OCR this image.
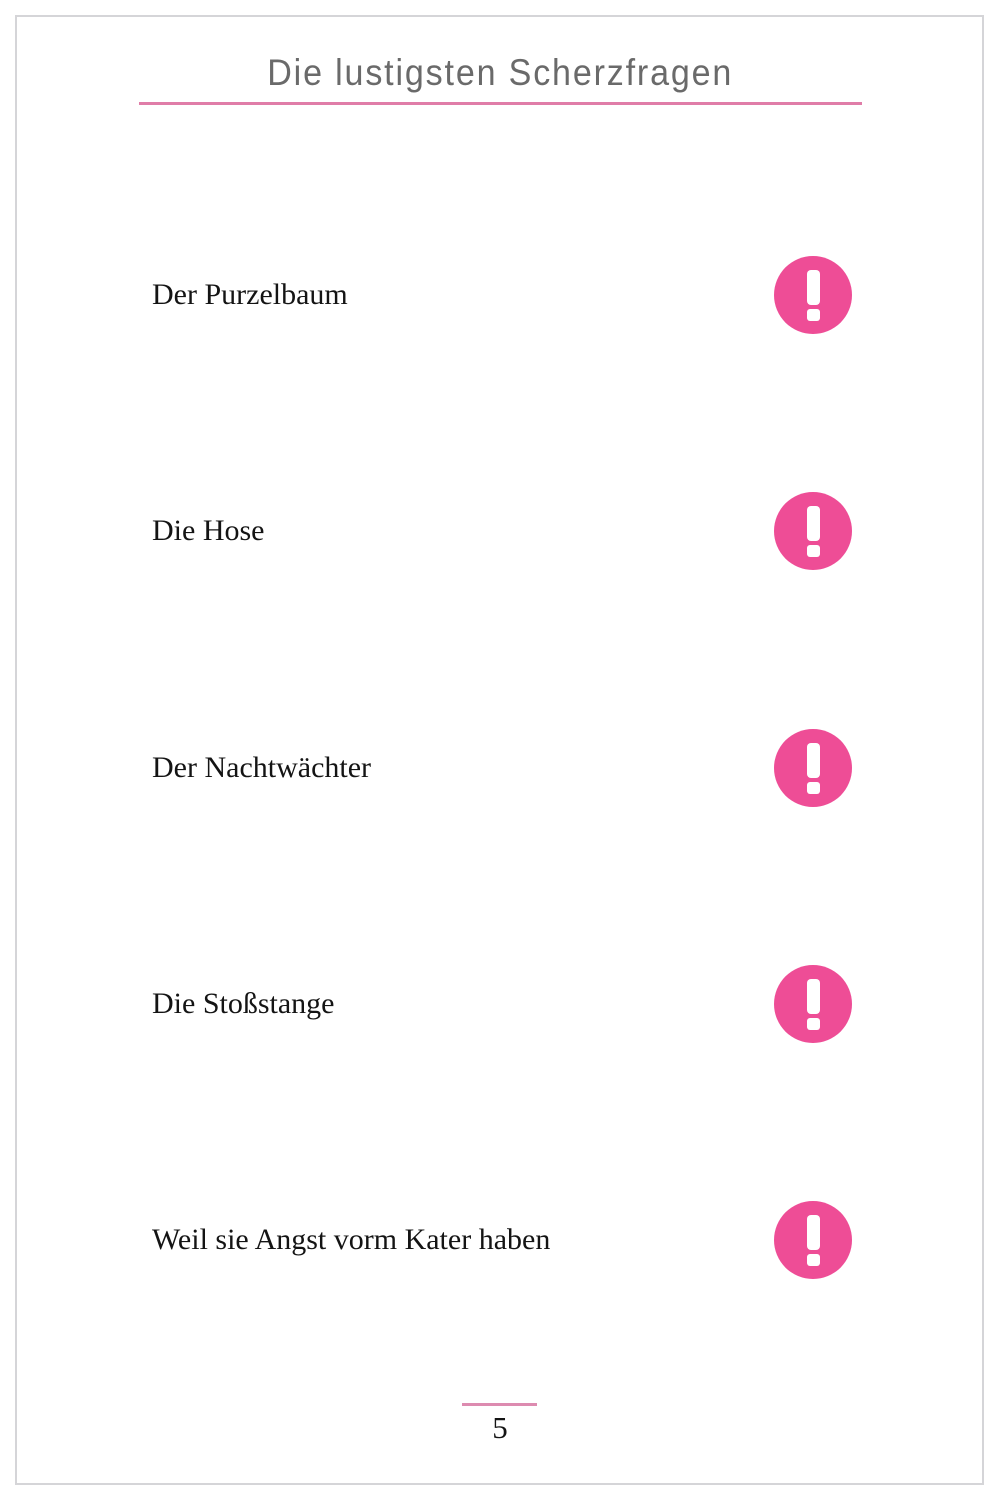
Die lustigsten Scherzfragen
Der Purzelbaum
Die Hose
Der Nachtwächter
Die Stoßstange
Weil sie Angst vorm Kater haben
5
